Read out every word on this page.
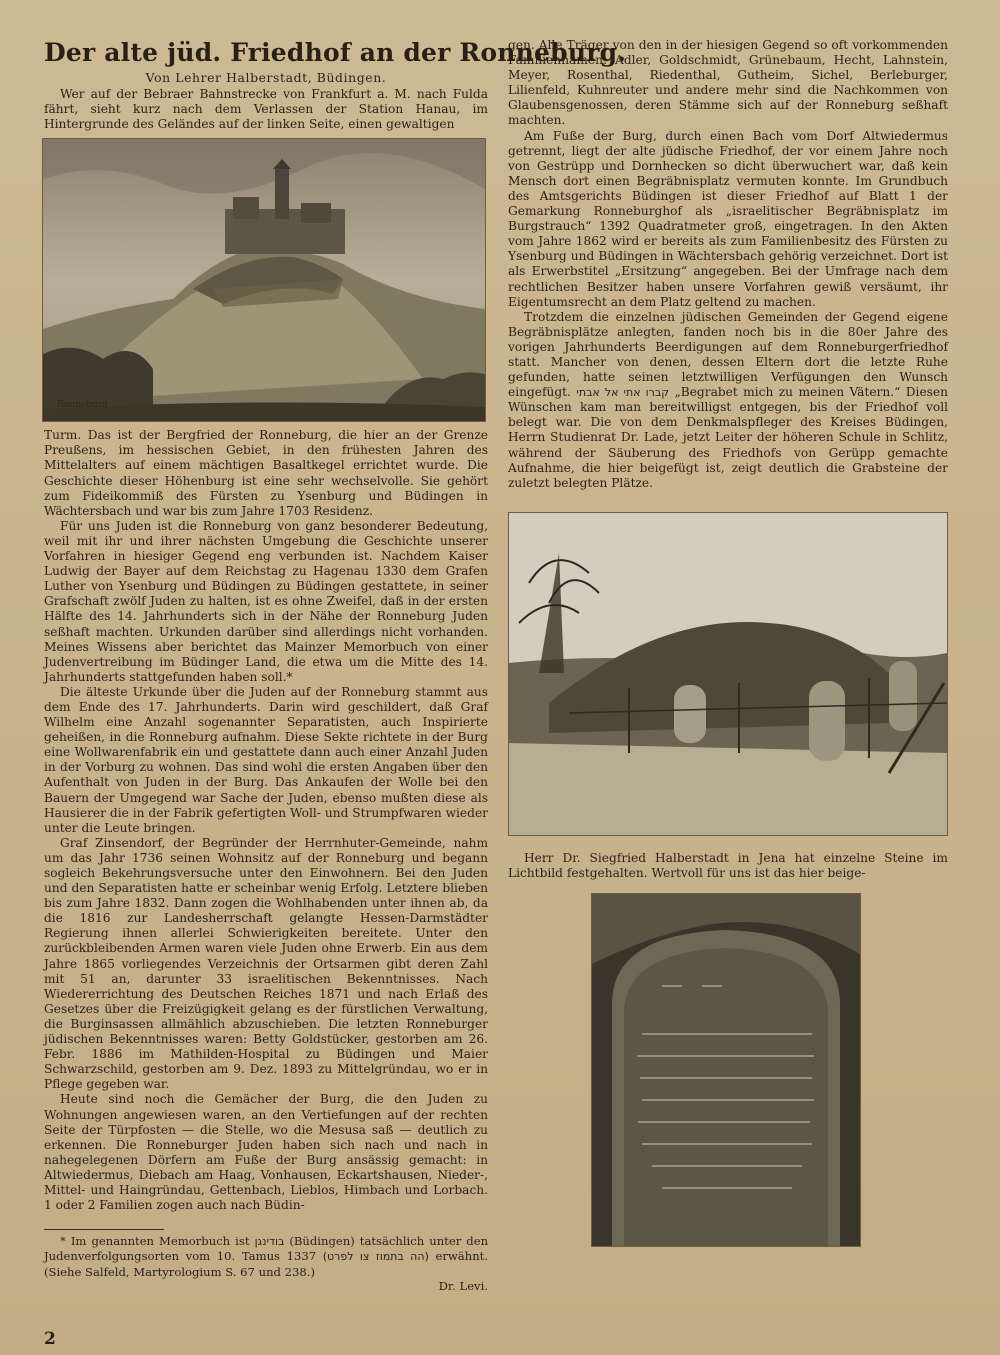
Der alte jüd. Friedhof an der Ronneburg.
Von Lehrer Halberstadt, Büdingen.

Wer auf der Bebraer Bahnstrecke von Frankfurt a. M. nach Fulda fährt, sieht kurz nach dem Verlassen der Station Hanau, im Hintergrunde des Geländes auf der linken Seite, einen gewaltigen

Ronneburg

Turm. Das ist der Bergfried der Ronneburg, die hier an der Grenze Preußens, im hessischen Gebiet, in den frühesten Jahren des Mittelalters auf einem mächtigen Basaltkegel errichtet wurde. Die Geschichte dieser Höhenburg ist eine sehr wechselvolle. Sie gehört zum Fideikommiß des Fürsten zu Ysenburg und Büdingen in Wächtersbach und war bis zum Jahre 1703 Residenz.

Für uns Juden ist die Ronneburg von ganz besonderer Bedeutung, weil mit ihr und ihrer nächsten Umgebung die Geschichte unserer Vorfahren in hiesiger Gegend eng verbunden ist. Nachdem Kaiser Ludwig der Bayer auf dem Reichstag zu Hagenau 1330 dem Grafen Luther von Ysenburg und Büdingen zu Büdingen gestattete, in seiner Grafschaft zwölf Juden zu halten, ist es ohne Zweifel, daß in der ersten Hälfte des 14. Jahrhunderts sich in der Nähe der Ronneburg Juden seßhaft machten. Urkunden darüber sind allerdings nicht vorhanden. Meines Wissens aber berichtet das Mainzer Memorbuch von einer Judenvertreibung im Büdinger Land, die etwa um die Mitte des 14. Jahrhunderts stattgefunden haben soll.*

Die älteste Urkunde über die Juden auf der Ronneburg stammt aus dem Ende des 17. Jahrhunderts. Darin wird geschildert, daß Graf Wilhelm eine Anzahl sogenannter Separatisten, auch Inspirierte geheißen, in die Ronneburg aufnahm. Diese Sekte richtete in der Burg eine Wollwarenfabrik ein und gestattete dann auch einer Anzahl Juden in der Vorburg zu wohnen. Das sind wohl die ersten Angaben über den Aufenthalt von Juden in der Burg. Das Ankaufen der Wolle bei den Bauern der Umgegend war Sache der Juden, ebenso mußten diese als Hausierer die in der Fabrik gefertigten Woll- und Strumpfwaren wieder unter die Leute bringen.

Graf Zinsendorf, der Begründer der Herrnhuter-Gemeinde, nahm um das Jahr 1736 seinen Wohnsitz auf der Ronneburg und begann sogleich Bekehrungsversuche unter den Einwohnern. Bei den Juden und den Separatisten hatte er scheinbar wenig Erfolg. Letztere blieben bis zum Jahre 1832. Dann zogen die Wohlhabenden unter ihnen ab, da die 1816 zur Landesherrschaft gelangte Hessen-Darmstädter Regierung ihnen allerlei Schwierigkeiten bereitete. Unter den zurückbleibenden Armen waren viele Juden ohne Erwerb. Ein aus dem Jahre 1865 vorliegendes Verzeichnis der Ortsarmen gibt deren Zahl mit 51 an, darunter 33 israelitischen Bekenntnisses. Nach Wiedererrichtung des Deutschen Reiches 1871 und nach Erlaß des Gesetzes über die Freizügigkeit gelang es der fürstlichen Verwaltung, die Burginsassen allmählich abzuschieben. Die letzten Ronneburger jüdischen Bekenntnisses waren: Betty Goldstücker, gestorben am 26. Febr. 1886 im Mathilden-Hospital zu Büdingen und Maier Schwarzschild, gestorben am 9. Dez. 1893 zu Mittelgründau, wo er in Pflege gegeben war.

Heute sind noch die Gemächer der Burg, die den Juden zu Wohnungen angewiesen waren, an den Vertiefungen auf der rechten Seite der Türpfosten — die Stelle, wo die Mesusa saß — deutlich zu erkennen. Die Ronneburger Juden haben sich nach und nach in nahegelegenen Dörfern am Fuße der Burg ansässig gemacht: in Altwiedermus, Diebach am Haag, Vonhausen, Eckartshausen, Nieder-, Mittel- und Haingründau, Gettenbach, Lieblos, Himbach und Lorbach. 1 oder 2 Familien zogen auch nach Büdin-

gen. Alle Träger von den in der hiesigen Gegend so oft vorkommenden Familiennamen: Adler, Goldschmidt, Grünebaum, Hecht, Lahnstein, Meyer, Rosenthal, Riedenthal, Gutheim, Sichel, Berleburger, Lilienfeld, Kuhnreuter und andere mehr sind die Nachkommen von Glaubensgenossen, deren Stämme sich auf der Ronneburg seßhaft machten.

Am Fuße der Burg, durch einen Bach vom Dorf Altwiedermus getrennt, liegt der alte jüdische Friedhof, der vor einem Jahre noch von Gestrüpp und Dornhecken so dicht überwuchert war, daß kein Mensch dort einen Begräbnisplatz vermuten konnte. Im Grundbuch des Amtsgerichts Büdingen ist dieser Friedhof auf Blatt 1 der Gemarkung Ronneburghof als „israelitischer Begräbnisplatz im Burgstrauch“ 1392 Quadratmeter groß, eingetragen. In den Akten vom Jahre 1862 wird er bereits als zum Familienbesitz des Fürsten zu Ysenburg und Büdingen in Wächtersbach gehörig verzeichnet. Dort ist als Erwerbstitel „Ersitzung“ angegeben. Bei der Umfrage nach dem rechtlichen Besitzer haben unsere Vorfahren gewiß versäumt, ihr Eigentumsrecht an dem Platz geltend zu machen.

Trotzdem die einzelnen jüdischen Gemeinden der Gegend eigene Begräbnisplätze anlegten, fanden noch bis in die 80er Jahre des vorigen Jahrhunderts Beerdigungen auf dem Ronneburgerfriedhof statt. Mancher von denen, dessen Eltern dort die letzte Ruhe gefunden, hatte seinen letztwilligen Verfügungen den Wunsch eingefügt. קברו אתי אל אבתי „Begrabet mich zu meinen Vätern.“ Diesen Wünschen kam man bereitwilligst entgegen, bis der Friedhof voll belegt war. Die von dem Denkmalspfleger des Kreises Büdingen, Herrn Studienrat Dr. Lade, jetzt Leiter der höheren Schule in Schlitz, während der Säuberung des Friedhofs von Gerüpp gemachte Aufnahme, die hier beigefügt ist, zeigt deutlich die Grabsteine der zuletzt belegten Plätze.

Herr Dr. Siegfried Halberstadt in Jena hat einzelne Steine im Lichtbild festgehalten. Wertvoll für uns ist das hier beige-

* Im genannten Memorbuch ist בודינגן (Büdingen) tatsächlich unter den Judenverfolgungsorten vom 10. Tamus 1337 (הה בתמוז צו לפרט) erwähnt. (Siehe Salfeld, Martyrologium S. 67 und 238.)
Dr. Levi.

2
